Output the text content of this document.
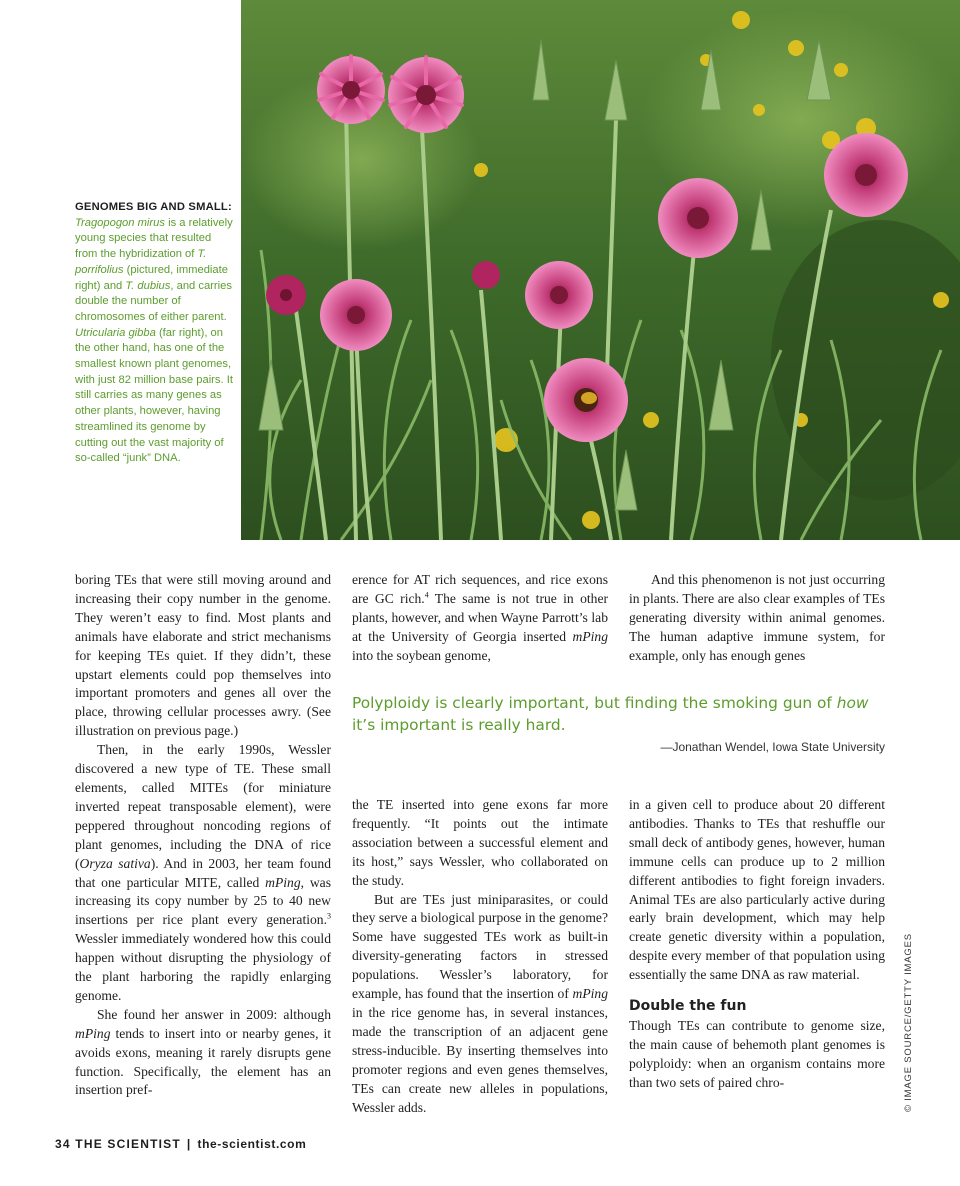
GENOMES BIG AND SMALL: Tragopogon mirus is a relatively young species that resulted from the hybridization of T. porrifolius (pictured, immediate right) and T. dubius, and carries double the number of chromosomes of either parent. Utricularia gibba (far right), on the other hand, has one of the smallest known plant genomes, with just 82 million base pairs. It still carries as many genes as other plants, however, having streamlined its genome by cutting out the vast majority of so-called “junk” DNA.

boring TEs that were still moving around and increasing their copy number in the genome. They weren’t easy to find. Most plants and animals have elaborate and strict mechanisms for keeping TEs quiet. If they didn’t, these upstart elements could pop themselves into important promoters and genes all over the place, throwing cellular processes awry. (See illustration on previous page.)

Then, in the early 1990s, Wessler discovered a new type of TE. These small elements, called MITEs (for miniature inverted repeat transposable element), were peppered throughout noncoding regions of plant genomes, including the DNA of rice (Oryza sativa). And in 2003, her team found that one particular MITE, called mPing, was increasing its copy number by 25 to 40 new insertions per rice plant every generation.$^3$ Wessler immediately wondered how this could happen without disrupting the physiology of the plant harboring the rapidly enlarging genome.

She found her answer in 2009: although mPing tends to insert into or nearby genes, it avoids exons, meaning it rarely disrupts gene function. Specifically, the element has an insertion pref-

erence for AT rich sequences, and rice exons are GC rich.$^4$ The same is not true in other plants, however, and when Wayne Parrott’s lab at the University of Georgia inserted mPing into the soybean genome,

And this phenomenon is not just occurring in plants. There are also clear examples of TEs generating diversity within animal genomes. The human adaptive immune system, for example, only has enough genes

Polyploidy is clearly important, but finding the smoking gun of how it’s important is really hard.
—Jonathan Wendel, Iowa State University

the TE inserted into gene exons far more frequently. “It points out the intimate association between a successful element and its host,” says Wessler, who collaborated on the study.

But are TEs just miniparasites, or could they serve a biological purpose in the genome? Some have suggested TEs work as built-in diversity-generating factors in stressed populations. Wessler’s laboratory, for example, has found that the insertion of mPing in the rice genome has, in several instances, made the transcription of an adjacent gene stress-inducible. By inserting themselves into promoter regions and even genes themselves, TEs can create new alleles in populations, Wessler adds.

in a given cell to produce about 20 different antibodies. Thanks to TEs that reshuffle our small deck of antibody genes, however, human immune cells can produce up to 2 million different antibodies to fight foreign invaders. Animal TEs are also particularly active during early brain development, which may help create genetic diversity within a population, despite every member of that population using essentially the same DNA as raw material.

Double the fun

Though TEs can contribute to genome size, the main cause of behemoth plant genomes is polyploidy: when an organism contains more than two sets of paired chro-	© IMAGE SOURCE/GETTY IMAGES
34 THE SCIENTIST | the-scientist.com
